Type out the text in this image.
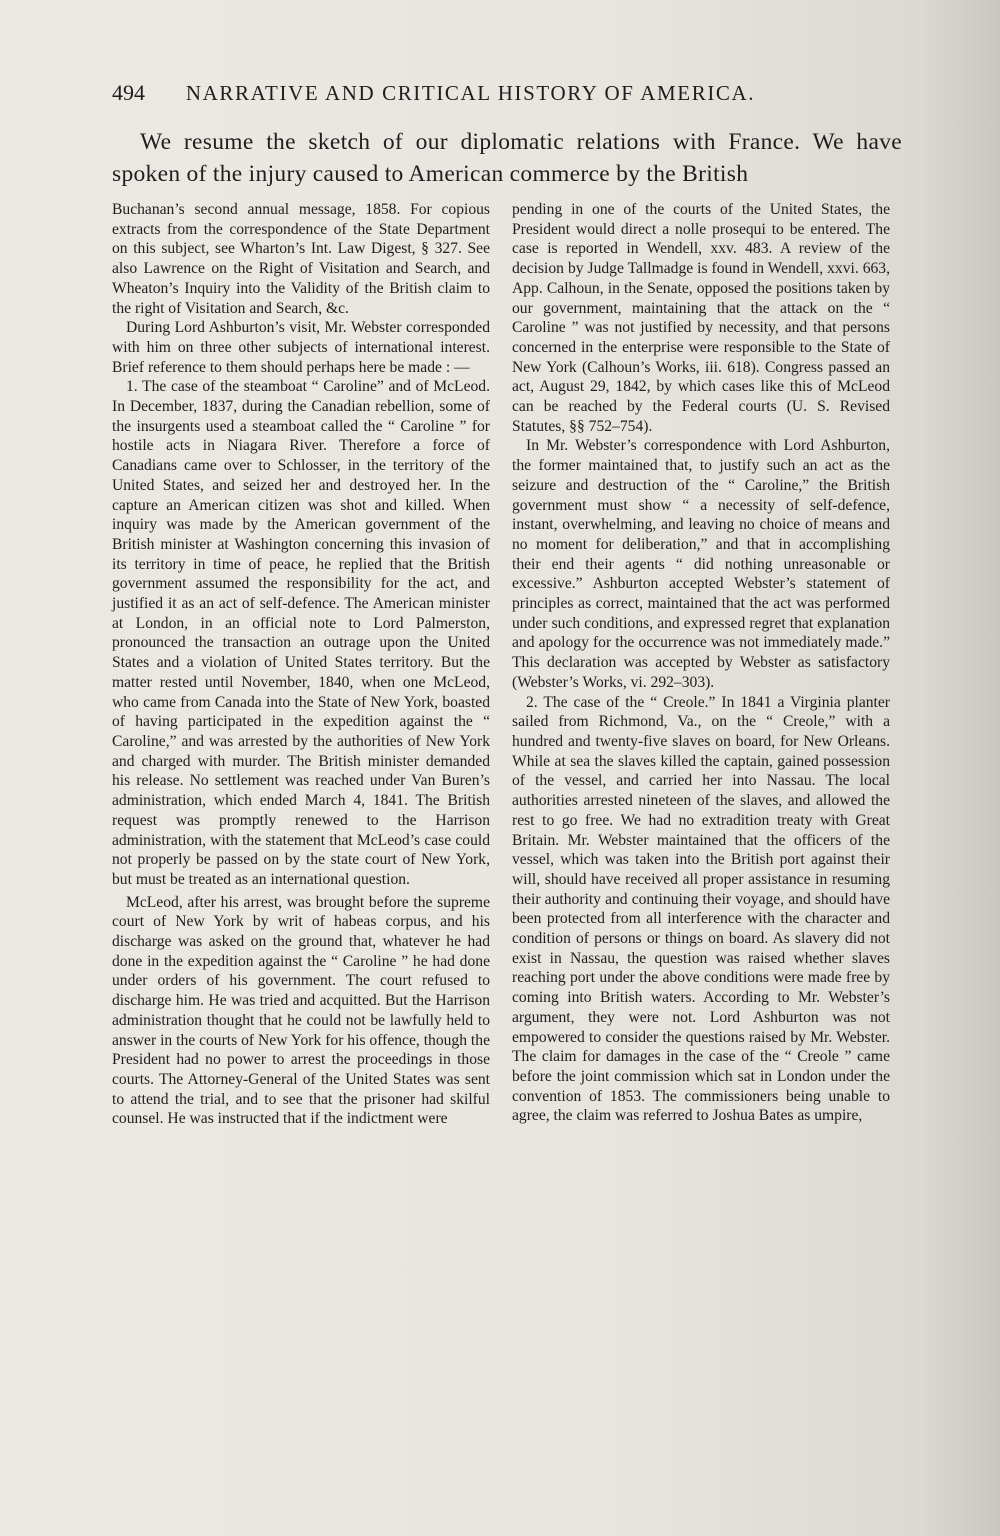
494 NARRATIVE AND CRITICAL HISTORY OF AMERICA.

We resume the sketch of our diplomatic relations with France. We have spoken of the injury caused to American commerce by the British

Buchanan’s second annual message, 1858. For copious extracts from the correspondence of the State Department on this subject, see Wharton’s Int. Law Digest, § 327. See also Lawrence on the Right of Visitation and Search, and Wheaton’s Inquiry into the Validity of the British claim to the right of Visitation and Search, &c.

During Lord Ashburton’s visit, Mr. Webster corresponded with him on three other subjects of international interest. Brief reference to them should perhaps here be made : —

1. The case of the steamboat “ Caroline” and of McLeod. In December, 1837, during the Canadian rebellion, some of the insurgents used a steamboat called the “ Caroline ” for hostile acts in Niagara River. Therefore a force of Canadians came over to Schlosser, in the territory of the United States, and seized her and destroyed her. In the capture an American citizen was shot and killed. When inquiry was made by the American government of the British minister at Washington concerning this invasion of its territory in time of peace, he replied that the British government assumed the responsibility for the act, and justified it as an act of self-defence. The American minister at London, in an official note to Lord Palmerston, pronounced the transaction an outrage upon the United States and a violation of United States territory. But the matter rested until November, 1840, when one McLeod, who came from Canada into the State of New York, boasted of having participated in the expedition against the “ Caroline,” and was arrested by the authorities of New York and charged with murder. The British minister demanded his release. No settlement was reached under Van Buren’s administration, which ended March 4, 1841. The British request was promptly renewed to the Harrison administration, with the statement that McLeod’s case could not properly be passed on by the state court of New York, but must be treated as an international question.

McLeod, after his arrest, was brought before the supreme court of New York by writ of habeas corpus, and his discharge was asked on the ground that, whatever he had done in the expedition against the “ Caroline ” he had done under orders of his government. The court refused to discharge him. He was tried and acquitted. But the Harrison administration thought that he could not be lawfully held to answer in the courts of New York for his offence, though the President had no power to arrest the proceedings in those courts. The Attorney-General of the United States was sent to attend the trial, and to see that the prisoner had skilful counsel. He was instructed that if the indictment were

pending in one of the courts of the United States, the President would direct a nolle prosequi to be entered. The case is reported in Wendell, xxv. 483. A review of the decision by Judge Tallmadge is found in Wendell, xxvi. 663, App. Calhoun, in the Senate, opposed the positions taken by our government, maintaining that the attack on the “ Caroline ” was not justified by necessity, and that persons concerned in the enterprise were responsible to the State of New York (Calhoun’s Works, iii. 618). Congress passed an act, August 29, 1842, by which cases like this of McLeod can be reached by the Federal courts (U. S. Revised Statutes, §§ 752–754).

In Mr. Webster’s correspondence with Lord Ashburton, the former maintained that, to justify such an act as the seizure and destruction of the “ Caroline,” the British government must show “ a necessity of self-defence, instant, overwhelming, and leaving no choice of means and no moment for deliberation,” and that in accomplishing their end their agents “ did nothing unreasonable or excessive.” Ashburton accepted Webster’s statement of principles as correct, maintained that the act was performed under such conditions, and expressed regret that explanation and apology for the occurrence was not immediately made.” This declaration was accepted by Webster as satisfactory (Webster’s Works, vi. 292–303).

2. The case of the “ Creole.” In 1841 a Virginia planter sailed from Richmond, Va., on the “ Creole,” with a hundred and twenty-five slaves on board, for New Orleans. While at sea the slaves killed the captain, gained possession of the vessel, and carried her into Nassau. The local authorities arrested nineteen of the slaves, and allowed the rest to go free. We had no extradition treaty with Great Britain. Mr. Webster maintained that the officers of the vessel, which was taken into the British port against their will, should have received all proper assistance in resuming their authority and continuing their voyage, and should have been protected from all interference with the character and condition of persons or things on board. As slavery did not exist in Nassau, the question was raised whether slaves reaching port under the above conditions were made free by coming into British waters. According to Mr. Webster’s argument, they were not. Lord Ashburton was not empowered to consider the questions raised by Mr. Webster. The claim for damages in the case of the “ Creole ” came before the joint commission which sat in London under the convention of 1853. The commissioners being unable to agree, the claim was referred to Joshua Bates as umpire,
